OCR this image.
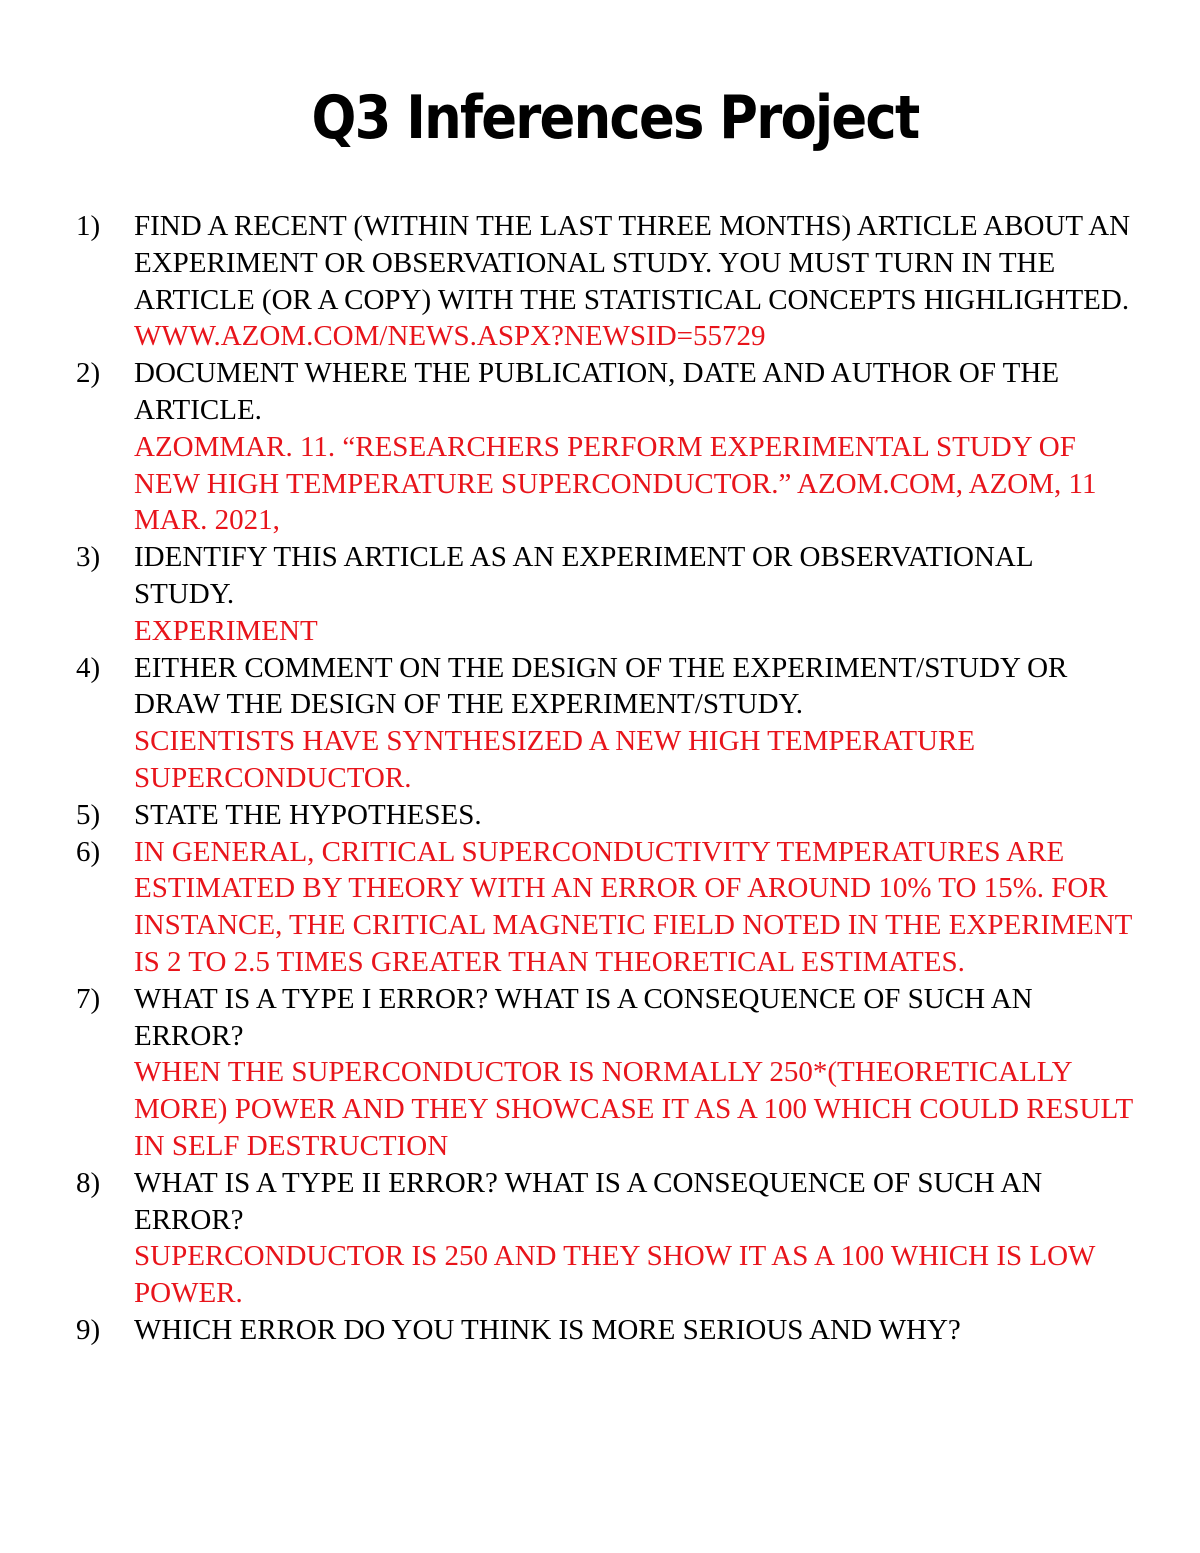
Q3 Inferences Project
1)	FIND A RECENT (WITHIN THE LAST THREE MONTHS) ARTICLE ABOUT AN EXPERIMENT OR OBSERVATIONAL STUDY. YOU MUST TURN IN THE ARTICLE (OR A COPY) WITH THE STATISTICAL CONCEPTS HIGHLIGHTED.
WWW.AZOM.COM/NEWS.ASPX?NEWSID=55729
2)	DOCUMENT WHERE THE PUBLICATION, DATE AND AUTHOR OF THE ARTICLE.
AZOMMAR. 11. “RESEARCHERS PERFORM EXPERIMENTAL STUDY OF NEW HIGH TEMPERATURE SUPERCONDUCTOR.” AZOM.COM, AZOM, 11 MAR. 2021,
3)	IDENTIFY THIS ARTICLE AS AN EXPERIMENT OR OBSERVATIONAL STUDY.
EXPERIMENT
4)	EITHER COMMENT ON THE DESIGN OF THE EXPERIMENT/STUDY OR DRAW THE DESIGN OF THE EXPERIMENT/STUDY.
SCIENTISTS HAVE SYNTHESIZED A NEW HIGH TEMPERATURE SUPERCONDUCTOR.
5)	STATE THE HYPOTHESES.
6)	IN GENERAL, CRITICAL SUPERCONDUCTIVITY TEMPERATURES ARE ESTIMATED BY THEORY WITH AN ERROR OF AROUND 10% TO 15%. FOR INSTANCE, THE CRITICAL MAGNETIC FIELD NOTED IN THE EXPERIMENT IS 2 TO 2.5 TIMES GREATER THAN THEORETICAL ESTIMATES.
7)	WHAT IS A TYPE I ERROR? WHAT IS A CONSEQUENCE OF SUCH AN ERROR?
WHEN THE SUPERCONDUCTOR IS NORMALLY 250*(THEORETICALLY MORE) POWER AND THEY SHOWCASE IT AS A 100 WHICH COULD RESULT IN SELF DESTRUCTION
8)	WHAT IS A TYPE II ERROR? WHAT IS A CONSEQUENCE OF SUCH AN ERROR?
SUPERCONDUCTOR IS 250 AND THEY SHOW IT AS A 100 WHICH IS LOW POWER.
9)	WHICH ERROR DO YOU THINK IS MORE SERIOUS AND WHY?
